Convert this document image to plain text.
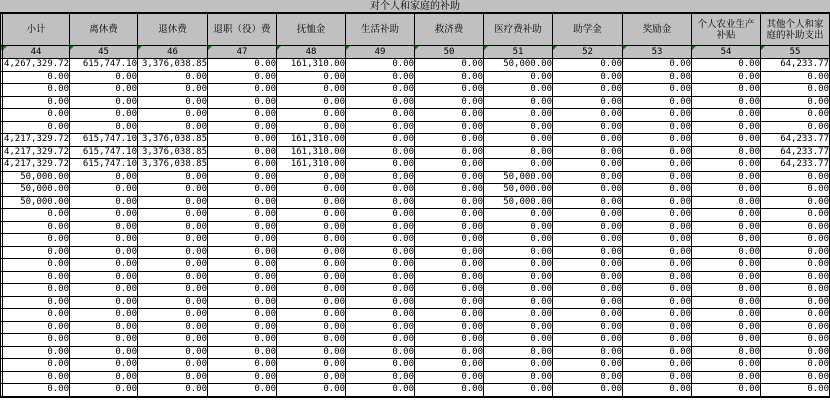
对个人和家庭的补助
	小计	离休费	退休费	退职（役）费	抚恤金	生活补助	救济费	医疗费补助	助学金	奖励金	个人农业生产补贴	其他个人和家庭的补助支出

44	45	46	47	48	49	50	51	52	53	54	55
	4,267,329.72	615,747.10	3,376,038.85	0.00	161,310.00	0.00	0.00	50,000.00	0.00	0.00	0.00	64,233.77
	0.00	0.00	0.00	0.00	0.00	0.00	0.00	0.00	0.00	0.00	0.00	0.00
	0.00	0.00	0.00	0.00	0.00	0.00	0.00	0.00	0.00	0.00	0.00	0.00
	0.00	0.00	0.00	0.00	0.00	0.00	0.00	0.00	0.00	0.00	0.00	0.00
	0.00	0.00	0.00	0.00	0.00	0.00	0.00	0.00	0.00	0.00	0.00	0.00
	0.00	0.00	0.00	0.00	0.00	0.00	0.00	0.00	0.00	0.00	0.00	0.00
	4,217,329.72	615,747.10	3,376,038.85	0.00	161,310.00	0.00	0.00	0.00	0.00	0.00	0.00	64,233.77
	4,217,329.72	615,747.10	3,376,038.85	0.00	161,310.00	0.00	0.00	0.00	0.00	0.00	0.00	64,233.77
	4,217,329.72	615,747.10	3,376,038.85	0.00	161,310.00	0.00	0.00	0.00	0.00	0.00	0.00	64,233.77
	50,000.00	0.00	0.00	0.00	0.00	0.00	0.00	50,000.00	0.00	0.00	0.00	0.00
	50,000.00	0.00	0.00	0.00	0.00	0.00	0.00	50,000.00	0.00	0.00	0.00	0.00
	50,000.00	0.00	0.00	0.00	0.00	0.00	0.00	50,000.00	0.00	0.00	0.00	0.00
	0.00	0.00	0.00	0.00	0.00	0.00	0.00	0.00	0.00	0.00	0.00	0.00
	0.00	0.00	0.00	0.00	0.00	0.00	0.00	0.00	0.00	0.00	0.00	0.00
	0.00	0.00	0.00	0.00	0.00	0.00	0.00	0.00	0.00	0.00	0.00	0.00
	0.00	0.00	0.00	0.00	0.00	0.00	0.00	0.00	0.00	0.00	0.00	0.00
	0.00	0.00	0.00	0.00	0.00	0.00	0.00	0.00	0.00	0.00	0.00	0.00
	0.00	0.00	0.00	0.00	0.00	0.00	0.00	0.00	0.00	0.00	0.00	0.00
	0.00	0.00	0.00	0.00	0.00	0.00	0.00	0.00	0.00	0.00	0.00	0.00
	0.00	0.00	0.00	0.00	0.00	0.00	0.00	0.00	0.00	0.00	0.00	0.00
	0.00	0.00	0.00	0.00	0.00	0.00	0.00	0.00	0.00	0.00	0.00	0.00
	0.00	0.00	0.00	0.00	0.00	0.00	0.00	0.00	0.00	0.00	0.00	0.00
	0.00	0.00	0.00	0.00	0.00	0.00	0.00	0.00	0.00	0.00	0.00	0.00
	0.00	0.00	0.00	0.00	0.00	0.00	0.00	0.00	0.00	0.00	0.00	0.00
	0.00	0.00	0.00	0.00	0.00	0.00	0.00	0.00	0.00	0.00	0.00	0.00
	0.00	0.00	0.00	0.00	0.00	0.00	0.00	0.00	0.00	0.00	0.00	0.00
	0.00	0.00	0.00	0.00	0.00	0.00	0.00	0.00	0.00	0.00	0.00	0.00
